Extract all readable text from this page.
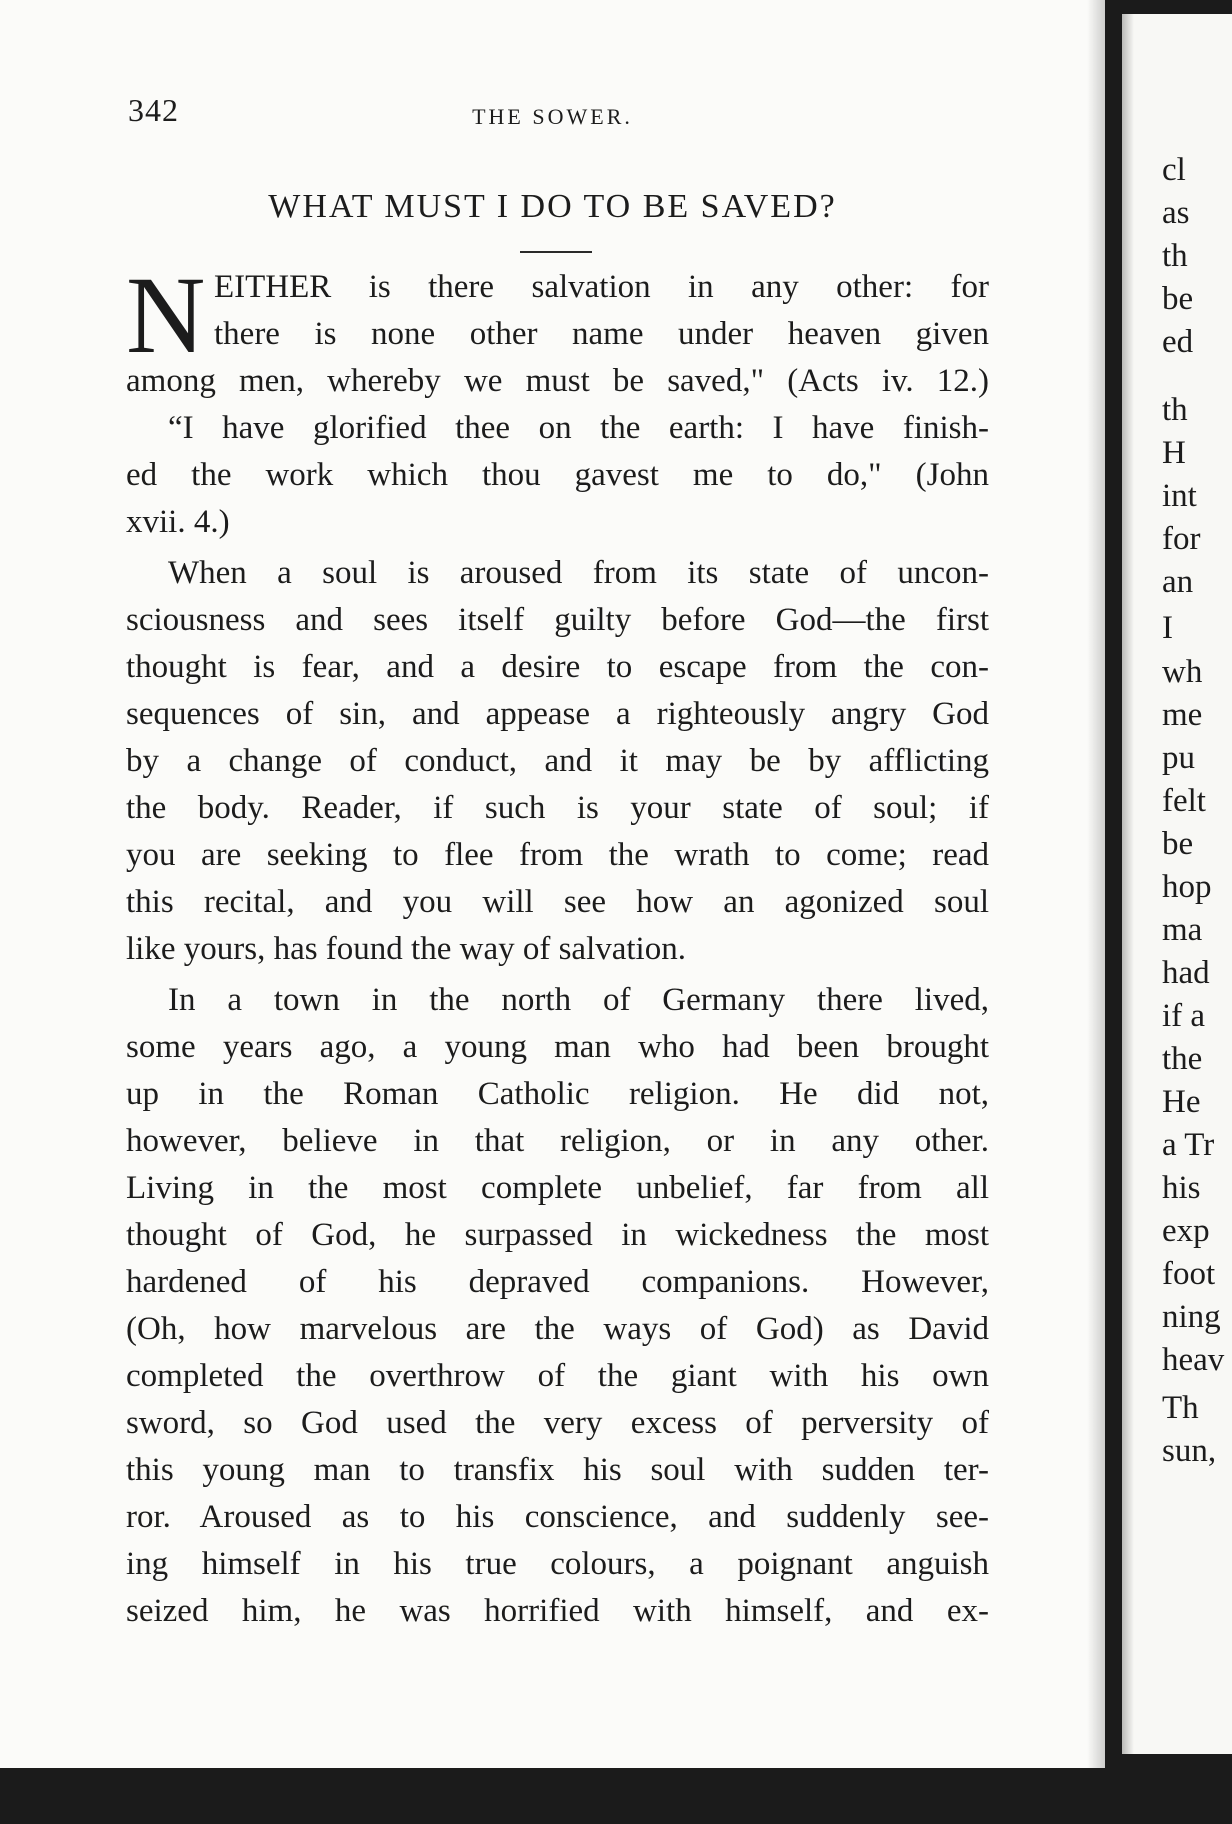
342	THE SOWER.
WHAT MUST I DO TO BE SAVED?
N EITHER is there salvation in any other: for
there is none other name under heaven given
among men, whereby we must be saved," (Acts iv. 12.)
“I have glorified thee on the earth: I have finish-
ed the work which thou gavest me to do," (John
xvii. 4.)
When a soul is aroused from its state of uncon-
sciousness and sees itself guilty before God—the first
thought is fear, and a desire to escape from the con-
sequences of sin, and appease a righteously angry God
by a change of conduct, and it may be by afflicting
the body. Reader, if such is your state of soul; if
you are seeking to flee from the wrath to come; read
this recital, and you will see how an agonized soul
like yours, has found the way of salvation.
In a town in the north of Germany there lived,
some years ago, a young man who had been brought
up in the Roman Catholic religion. He did not,
however, believe in that religion, or in any other.
Living in the most complete unbelief, far from all
thought of God, he surpassed in wickedness the most
hardened of his depraved companions. However,
(Oh, how marvelous are the ways of God) as David
completed the overthrow of the giant with his own
sword, so God used the very excess of perversity of
this young man to transfix his soul with sudden ter-
ror. Aroused as to his conscience, and suddenly see-
ing himself in his true colours, a poignant anguish
seized him, he was horrified with himself, and ex-
cl
as
th
be
ed
th
H
int
for
an
I
wh
me
pu
felt
be
hop
ma
had
if a
the
He
a Tr
his
exp
foot
ning
heav
Th
sun,
